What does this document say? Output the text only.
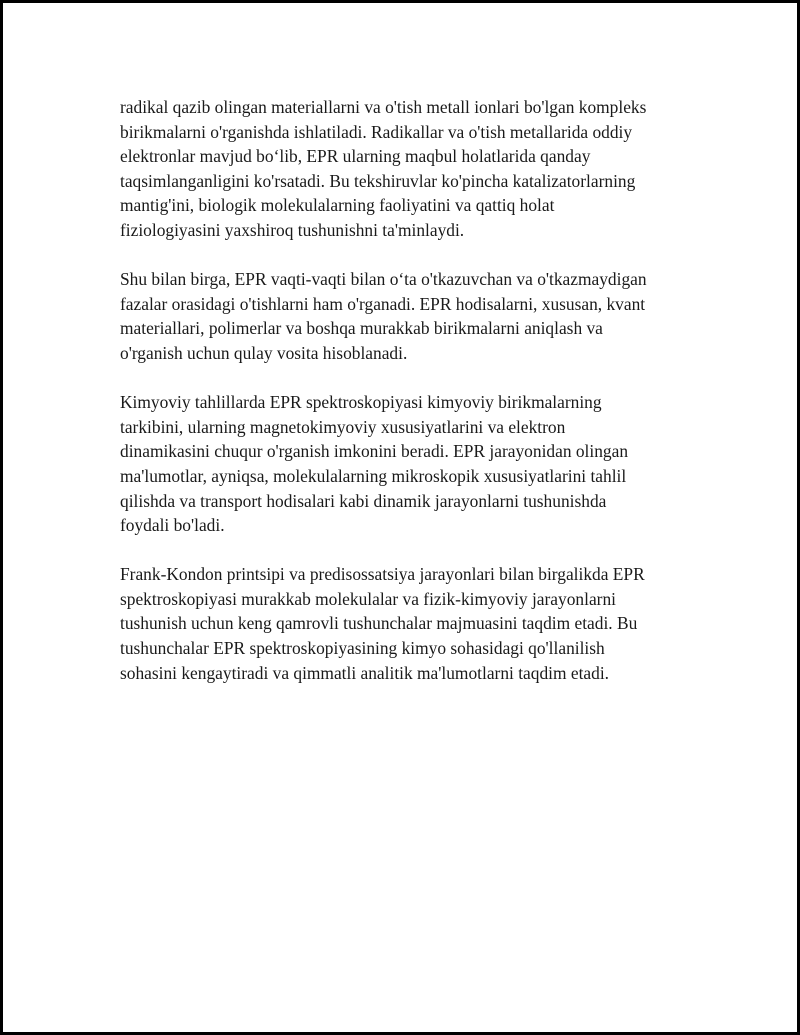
radikal qazib olingan materiallarni va o'tish metall ionlari bo'lgan kompleks
birikmalarni o'rganishda ishlatiladi. Radikallar va o'tish metallarida oddiy
elektronlar mavjud bo‘lib, EPR ularning maqbul holatlarida qanday
taqsimlanganligini ko'rsatadi. Bu tekshiruvlar ko'pincha katalizatorlarning
mantig'ini, biologik molekulalarning faoliyatini va qattiq holat
fiziologiyasini yaxshiroq tushunishni ta'minlaydi.

Shu bilan birga, EPR vaqti-vaqti bilan o‘ta o'tkazuvchan va o'tkazmaydigan
fazalar orasidagi o'tishlarni ham o'rganadi. EPR hodisalarni, xususan, kvant
materiallari, polimerlar va boshqa murakkab birikmalarni aniqlash va
o'rganish uchun qulay vosita hisoblanadi.

Kimyoviy tahlillarda EPR spektroskopiyasi kimyoviy birikmalarning
tarkibini, ularning magnetokimyoviy xususiyatlarini va elektron
dinamikasini chuqur o'rganish imkonini beradi. EPR jarayonidan olingan
ma'lumotlar, ayniqsa, molekulalarning mikroskopik xususiyatlarini tahlil
qilishda va transport hodisalari kabi dinamik jarayonlarni tushunishda
foydali bo'ladi.

Frank-Kondon printsipi va predisossatsiya jarayonlari bilan birgalikda EPR
spektroskopiyasi murakkab molekulalar va fizik-kimyoviy jarayonlarni
tushunish uchun keng qamrovli tushunchalar majmuasini taqdim etadi. Bu
tushunchalar EPR spektroskopiyasining kimyo sohasidagi qo'llanilish
sohasini kengaytiradi va qimmatli analitik ma'lumotlarni taqdim etadi.
